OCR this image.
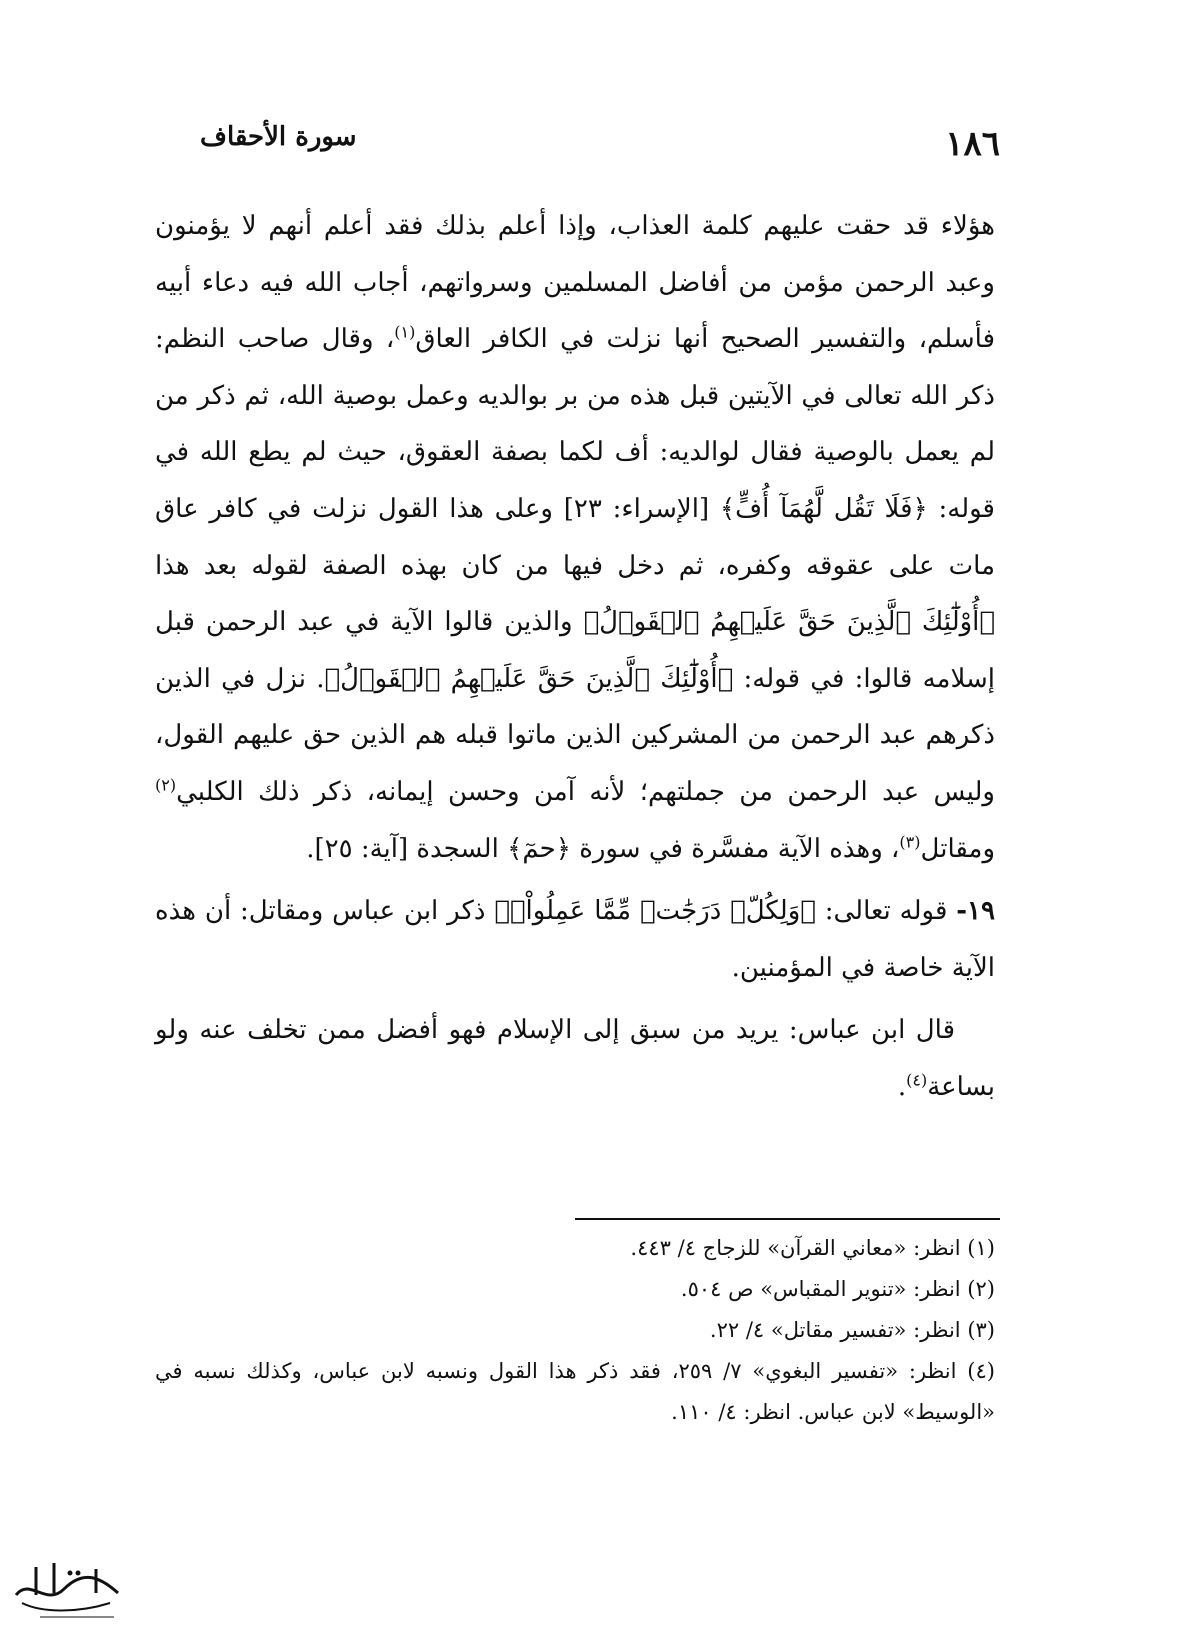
١٨٦
سورة الأحقاف

هؤلاء قد حقت عليهم كلمة العذاب، وإذا أعلم بذلك فقد أعلم أنهم لا يؤمنون وعبد الرحمن مؤمن من أفاضل المسلمين وسرواتهم، أجاب الله فيه دعاء أبيه فأسلم، والتفسير الصحيح أنها نزلت في الكافر العاق$^{(١)}$، وقال صاحب النظم: ذكر الله تعالى في الآيتين قبل هذه من بر بوالديه وعمل بوصية الله، ثم ذكر من لم يعمل بالوصية فقال لوالديه: أف لكما بصفة العقوق، حيث لم يطع الله في قوله: ﴿فَلَا تَقُل لَّهُمَآ أُفٍّ﴾ [الإسراء: ٢٣] وعلى هذا القول نزلت في كافر عاق مات على عقوقه وكفره، ثم دخل فيها من كان بهذه الصفة لقوله بعد هذا ﴿أُوْلَٰٓئِكَ ٱلَّذِينَ حَقَّ عَلَيۡهِمُ ٱلۡقَوۡلُ﴾ والذين قالوا الآية في عبد الرحمن قبل إسلامه قالوا: في قوله: ﴿أُوْلَٰٓئِكَ ٱلَّذِينَ حَقَّ عَلَيۡهِمُ ٱلۡقَوۡلُ﴾. نزل في الذين ذكرهم عبد الرحمن من المشركين الذين ماتوا قبله هم الذين حق عليهم القول، وليس عبد الرحمن من جملتهم؛ لأنه آمن وحسن إيمانه، ذكر ذلك الكلبي$^{(٢)}$ ومقاتل$^{(٣)}$، وهذه الآية مفسَّرة في سورة ﴿حمٓ﴾ السجدة [آية: ٢٥].

١٩- قوله تعالى: ﴿وَلِكُلّٖ دَرَجَٰتٞ مِّمَّا عَمِلُواْۖ﴾ ذكر ابن عباس ومقاتل: أن هذه الآية خاصة في المؤمنين.

قال ابن عباس: يريد من سبق إلى الإسلام فهو أفضل ممن تخلف عنه ولو بساعة$^{(٤)}$.

(١) انظر: «معاني القرآن» للزجاج ٤/ ٤٤٣.

(٢) انظر: «تنوير المقباس» ص ٥٠٤.

(٣) انظر: «تفسير مقاتل» ٤/ ٢٢.

(٤) انظر: «تفسير البغوي» ٧/ ٢٥٩، فقد ذكر هذا القول ونسبه لابن عباس، وكذلك نسبه في «الوسيط» لابن عباس. انظر: ٤/ ١١٠.
